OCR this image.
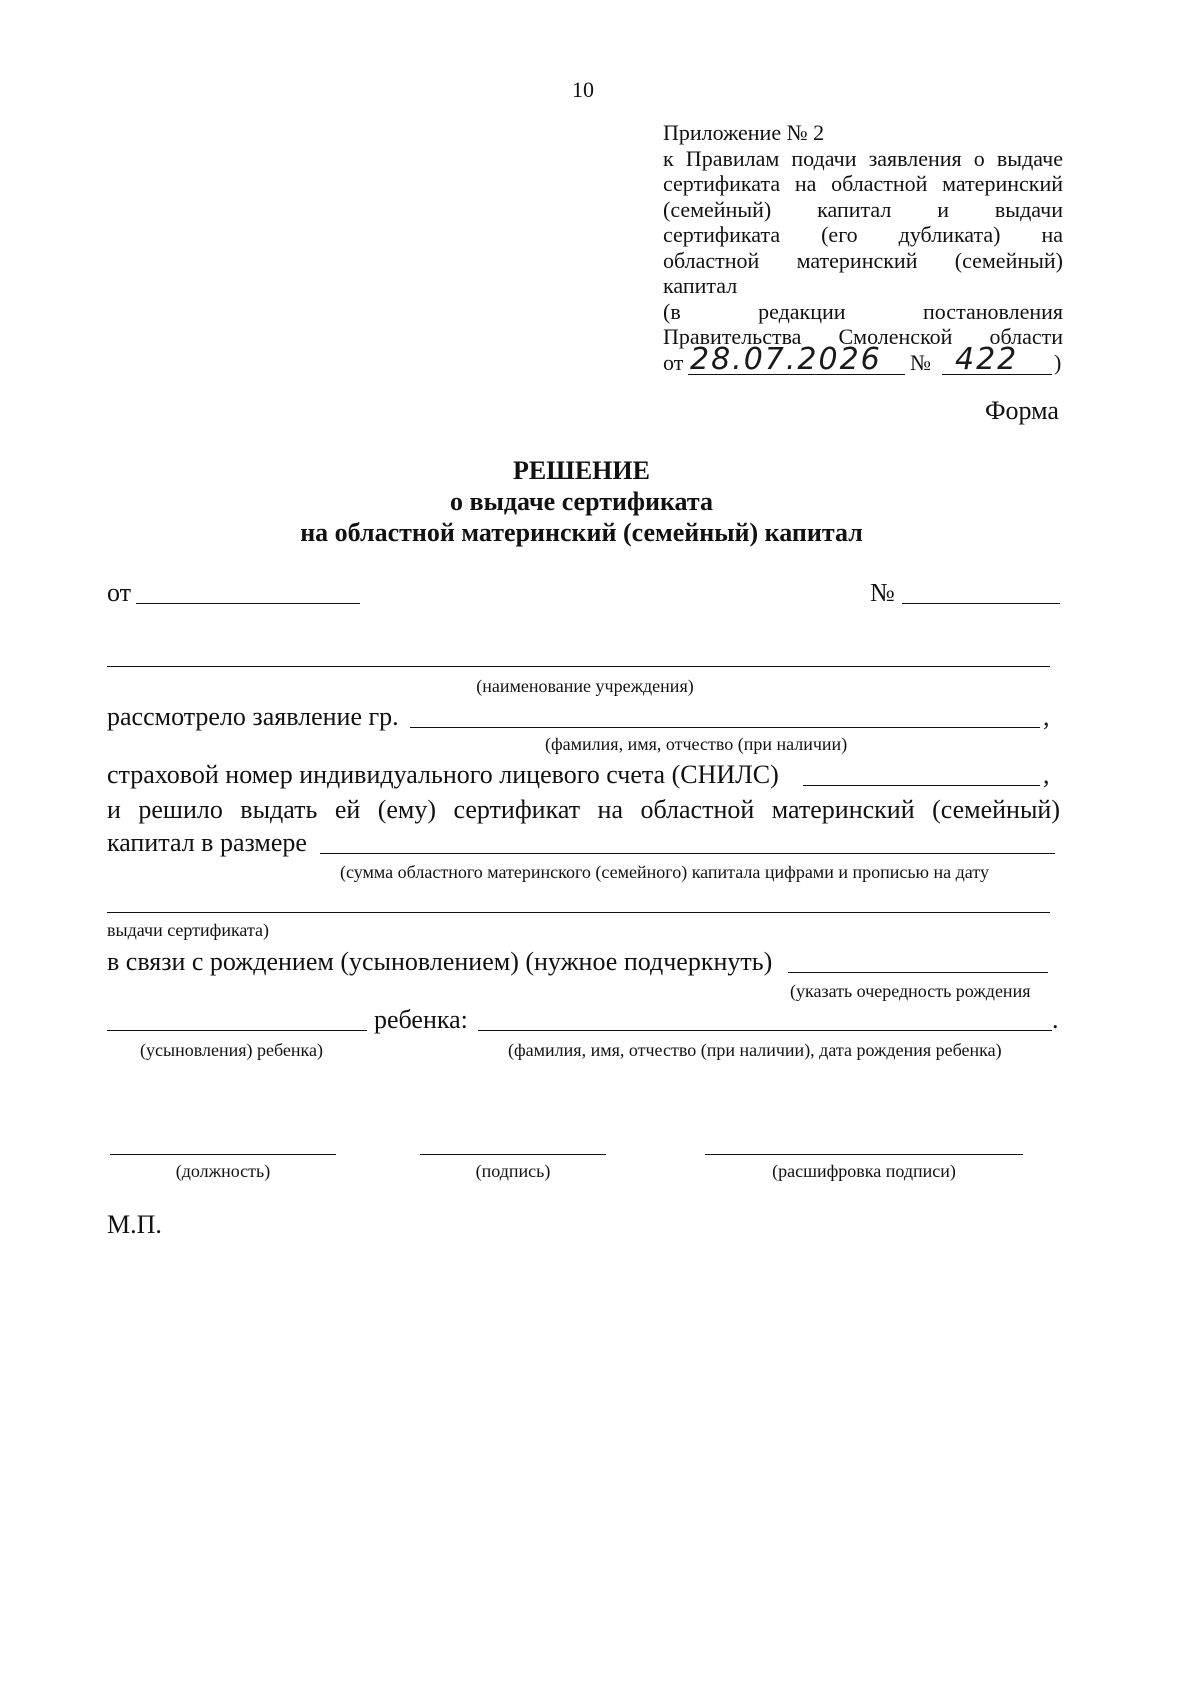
10
Приложение № 2
к Правилам подачи заявления о выдаче
сертификата на областной материнский
(семейный) капитал и выдачи
сертификата (его дубликата) на
областной материнский (семейный)
капитал
(в редакции постановления
Правительства Смоленской области
от 28.07.2026 № 422 )
Форма
РЕШЕНИЕ
о выдаче сертификата
на областной материнский (семейный) капитал
от	№
(наименование учреждения)
рассмотрело заявление гр.	,
(фамилия, имя, отчество (при наличии)
страховой номер индивидуального лицевого счета (СНИЛС)	,
и решило выдать ей (ему) сертификат на областной материнский (семейный)
капитал в размере
(сумма областного материнского (семейного) капитала цифрами и прописью на дату
выдачи сертификата)
в связи с рождением (усыновлением) (нужное подчеркнуть)
(указать очередность рождения
ребенка:	.
(усыновления) ребенка)	(фамилия, имя, отчество (при наличии), дата рождения ребенка)
(должность)	(подпись)	(расшифровка подписи)
М.П.
